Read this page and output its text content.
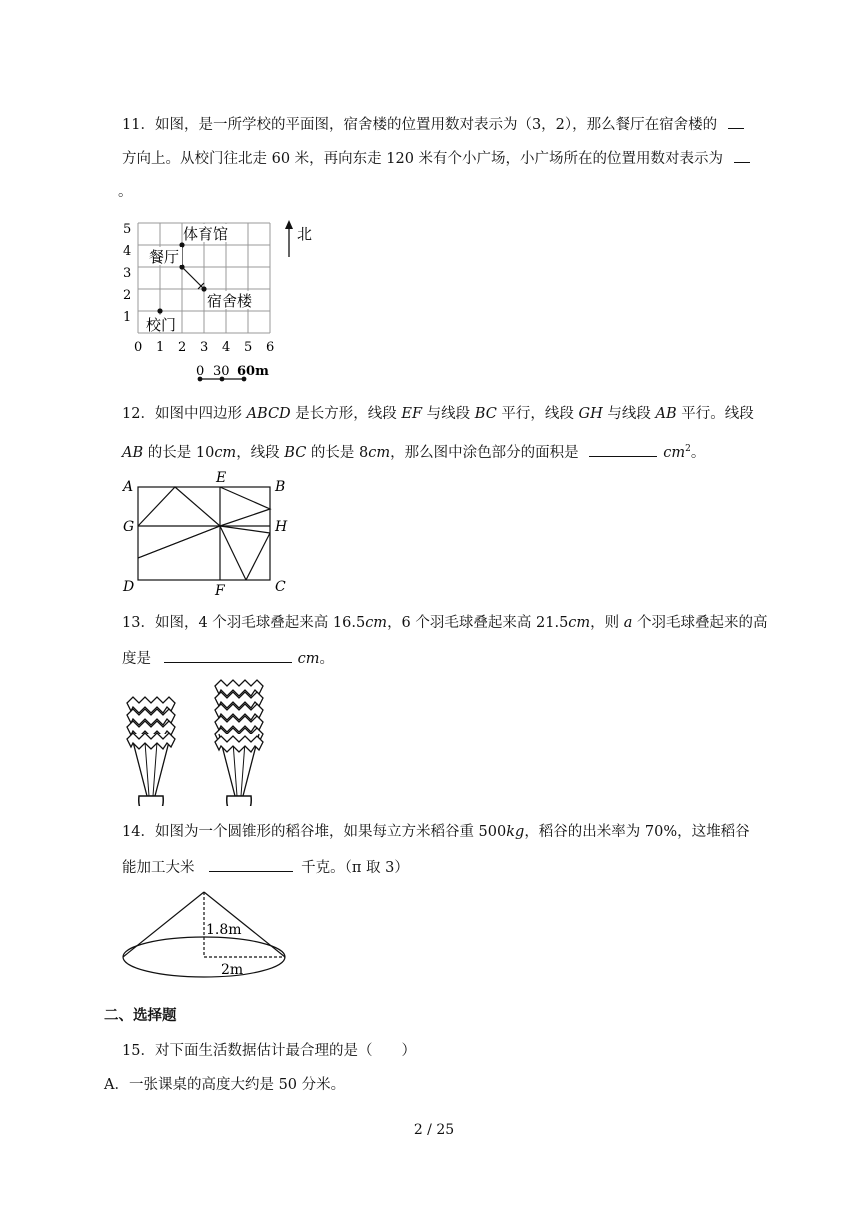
11．如图，是一所学校的平面图，宿舍楼的位置用数对表示为（3，2），那么餐厅在宿舍楼的
方向上。从校门往北走 60 米，再向东走 120 米有个小广场，小广场所在的位置用数对表示为
。
5
4
3
2
1
0 1 2 3 4 5 6
体育馆
餐厅
宿舍楼
校门
北
0 30 60m
12．如图中四边形 ABCD 是长方形，线段 EF 与线段 BC 平行，线段 GH 与线段 AB 平行。线段
AB 的长是 10cm，线段 BC 的长是 8cm，那么图中涂色部分的面积是	$cm^2$。
A
E
B
G	H
D	F	C
13．如图，4 个羽毛球叠起来高 16.5cm，6 个羽毛球叠起来高 21.5cm，则 a 个羽毛球叠起来的高
度是	cm。
14．如图为一个圆锥形的稻谷堆，如果每立方米稻谷重 500kg，稻谷的出米率为 70%，这堆稻谷
能加工大米	千克。（π 取 3）
1.8m
2m
二、选择题
15．对下面生活数据估计最合理的是（　　）
A．一张课桌的高度大约是 50 分米。
2 / 25
